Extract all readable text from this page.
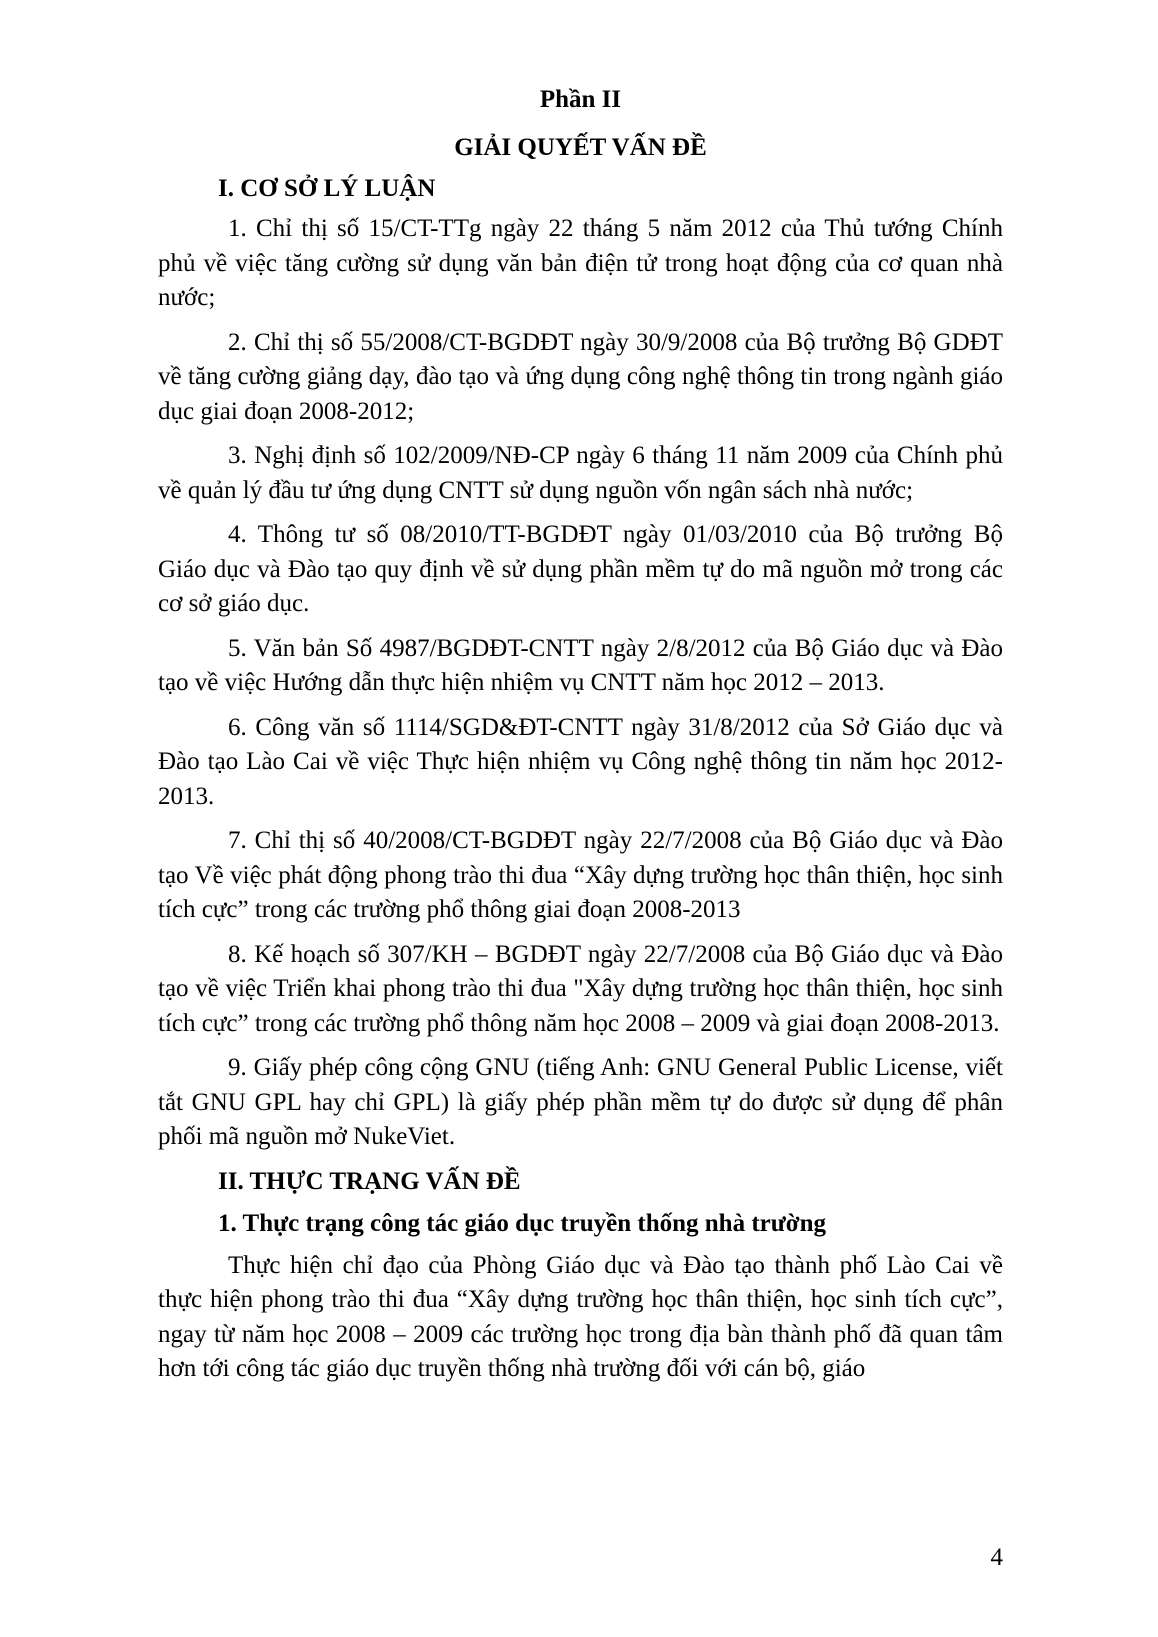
Phần II
GIẢI QUYẾT VẤN ĐỀ
I. CƠ SỞ LÝ LUẬN

1. Chỉ thị số 15/CT-TTg ngày 22 tháng 5 năm 2012 của Thủ tướng Chính phủ về việc tăng cường sử dụng văn bản điện tử trong hoạt động của cơ quan nhà nước;

2. Chỉ thị số 55/2008/CT-BGDĐT ngày 30/9/2008 của Bộ trưởng Bộ GDĐT về tăng cường giảng dạy, đào tạo và ứng dụng công nghệ thông tin trong ngành giáo dục giai đoạn 2008-2012;

3. Nghị định số 102/2009/NĐ-CP ngày 6 tháng 11 năm 2009 của Chính phủ về quản lý đầu tư ứng dụng CNTT sử dụng nguồn vốn ngân sách nhà nước;

4. Thông tư số 08/2010/TT-BGDĐT ngày 01/03/2010 của Bộ trưởng Bộ Giáo dục và Đào tạo quy định về sử dụng phần mềm tự do mã nguồn mở trong các cơ sở giáo dục.

5. Văn bản Số 4987/BGDĐT-CNTT ngày 2/8/2012 của Bộ Giáo dục và Đào tạo về việc Hướng dẫn thực hiện nhiệm vụ CNTT năm học 2012 – 2013.

6. Công văn số 1114/SGD&ĐT-CNTT ngày 31/8/2012 của Sở Giáo dục và Đào tạo Lào Cai về việc Thực hiện nhiệm vụ Công nghệ thông tin năm học 2012-2013.

7. Chỉ thị số 40/2008/CT-BGDĐT ngày 22/7/2008 của Bộ Giáo dục và Đào tạo Về việc phát động phong trào thi đua “Xây dựng trường học thân thiện, học sinh tích cực” trong các trường phổ thông giai đoạn 2008-2013

8. Kế hoạch số 307/KH – BGDĐT ngày 22/7/2008 của Bộ Giáo dục và Đào tạo về việc Triển khai phong trào thi đua "Xây dựng trường học thân thiện, học sinh tích cực” trong các trường phổ thông năm học 2008 – 2009 và giai đoạn 2008-2013.

9. Giấy phép công cộng GNU (tiếng Anh: GNU General Public License, viết tắt GNU GPL hay chỉ GPL) là giấy phép phần mềm tự do được sử dụng để phân phối mã nguồn mở NukeViet.

II. THỰC TRẠNG VẤN ĐỀ
1. Thực trạng công tác giáo dục truyền thống nhà trường

Thực hiện chỉ đạo của Phòng Giáo dục và Đào tạo thành phố Lào Cai về thực hiện phong trào thi đua “Xây dựng trường học thân thiện, học sinh tích cực”, ngay từ năm học 2008 – 2009 các trường học trong địa bàn thành phố đã quan tâm hơn tới công tác giáo dục truyền thống nhà trường đối với cán bộ, giáo

4
